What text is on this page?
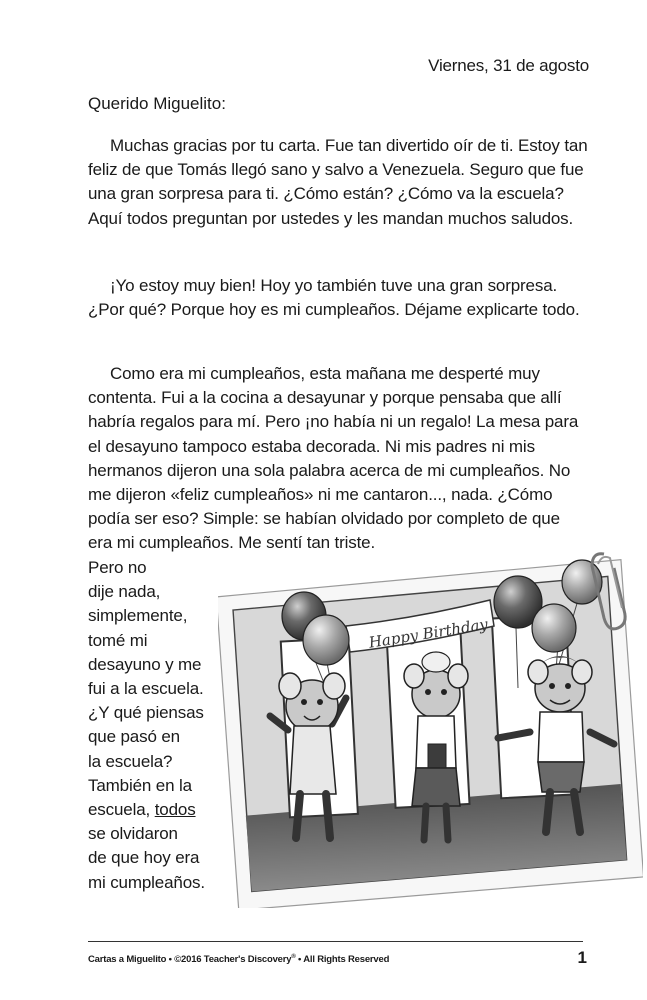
Viernes, 31 de agosto
Querido Miguelito:

Muchas gracias por tu carta. Fue tan divertido oír de ti. Estoy tan feliz de que Tomás llegó sano y salvo a Venezuela. Seguro que fue una gran sorpresa para ti. ¿Cómo están? ¿Cómo va la escuela? Aquí todos preguntan por ustedes y les mandan muchos saludos.

¡Yo estoy muy bien! Hoy yo también tuve una gran sorpresa. ¿Por qué? Porque hoy es mi cumpleaños. Déjame explicarte todo.

Como era mi cumpleaños, esta mañana me desperté muy contenta. Fui a la cocina a desayunar y porque pensaba que allí habría regalos para mí. Pero ¡no había ni un regalo! La mesa para el desayuno tampoco estaba decorada. Ni mis padres ni mis hermanos dijeron una sola palabra acerca de mi cumpleaños. No me dijeron «feliz cumpleaños» ni me cantaron..., nada. ¿Cómo podía ser eso? Simple: se habían olvidado por completo de que era mi cumpleaños. Me sentí tan triste.

Pero no
dije nada,
simplemente,
tomé mi
desayuno y me
fui a la escuela.
¿Y qué piensas
que pasó en
la escuela?
También en la
escuela, todos
se olvidaron
de que hoy era
mi cumpleaños.
Happy Birthday
Cartas a Miguelito • ©2016 Teacher's Discovery® • All Rights Reserved	1
